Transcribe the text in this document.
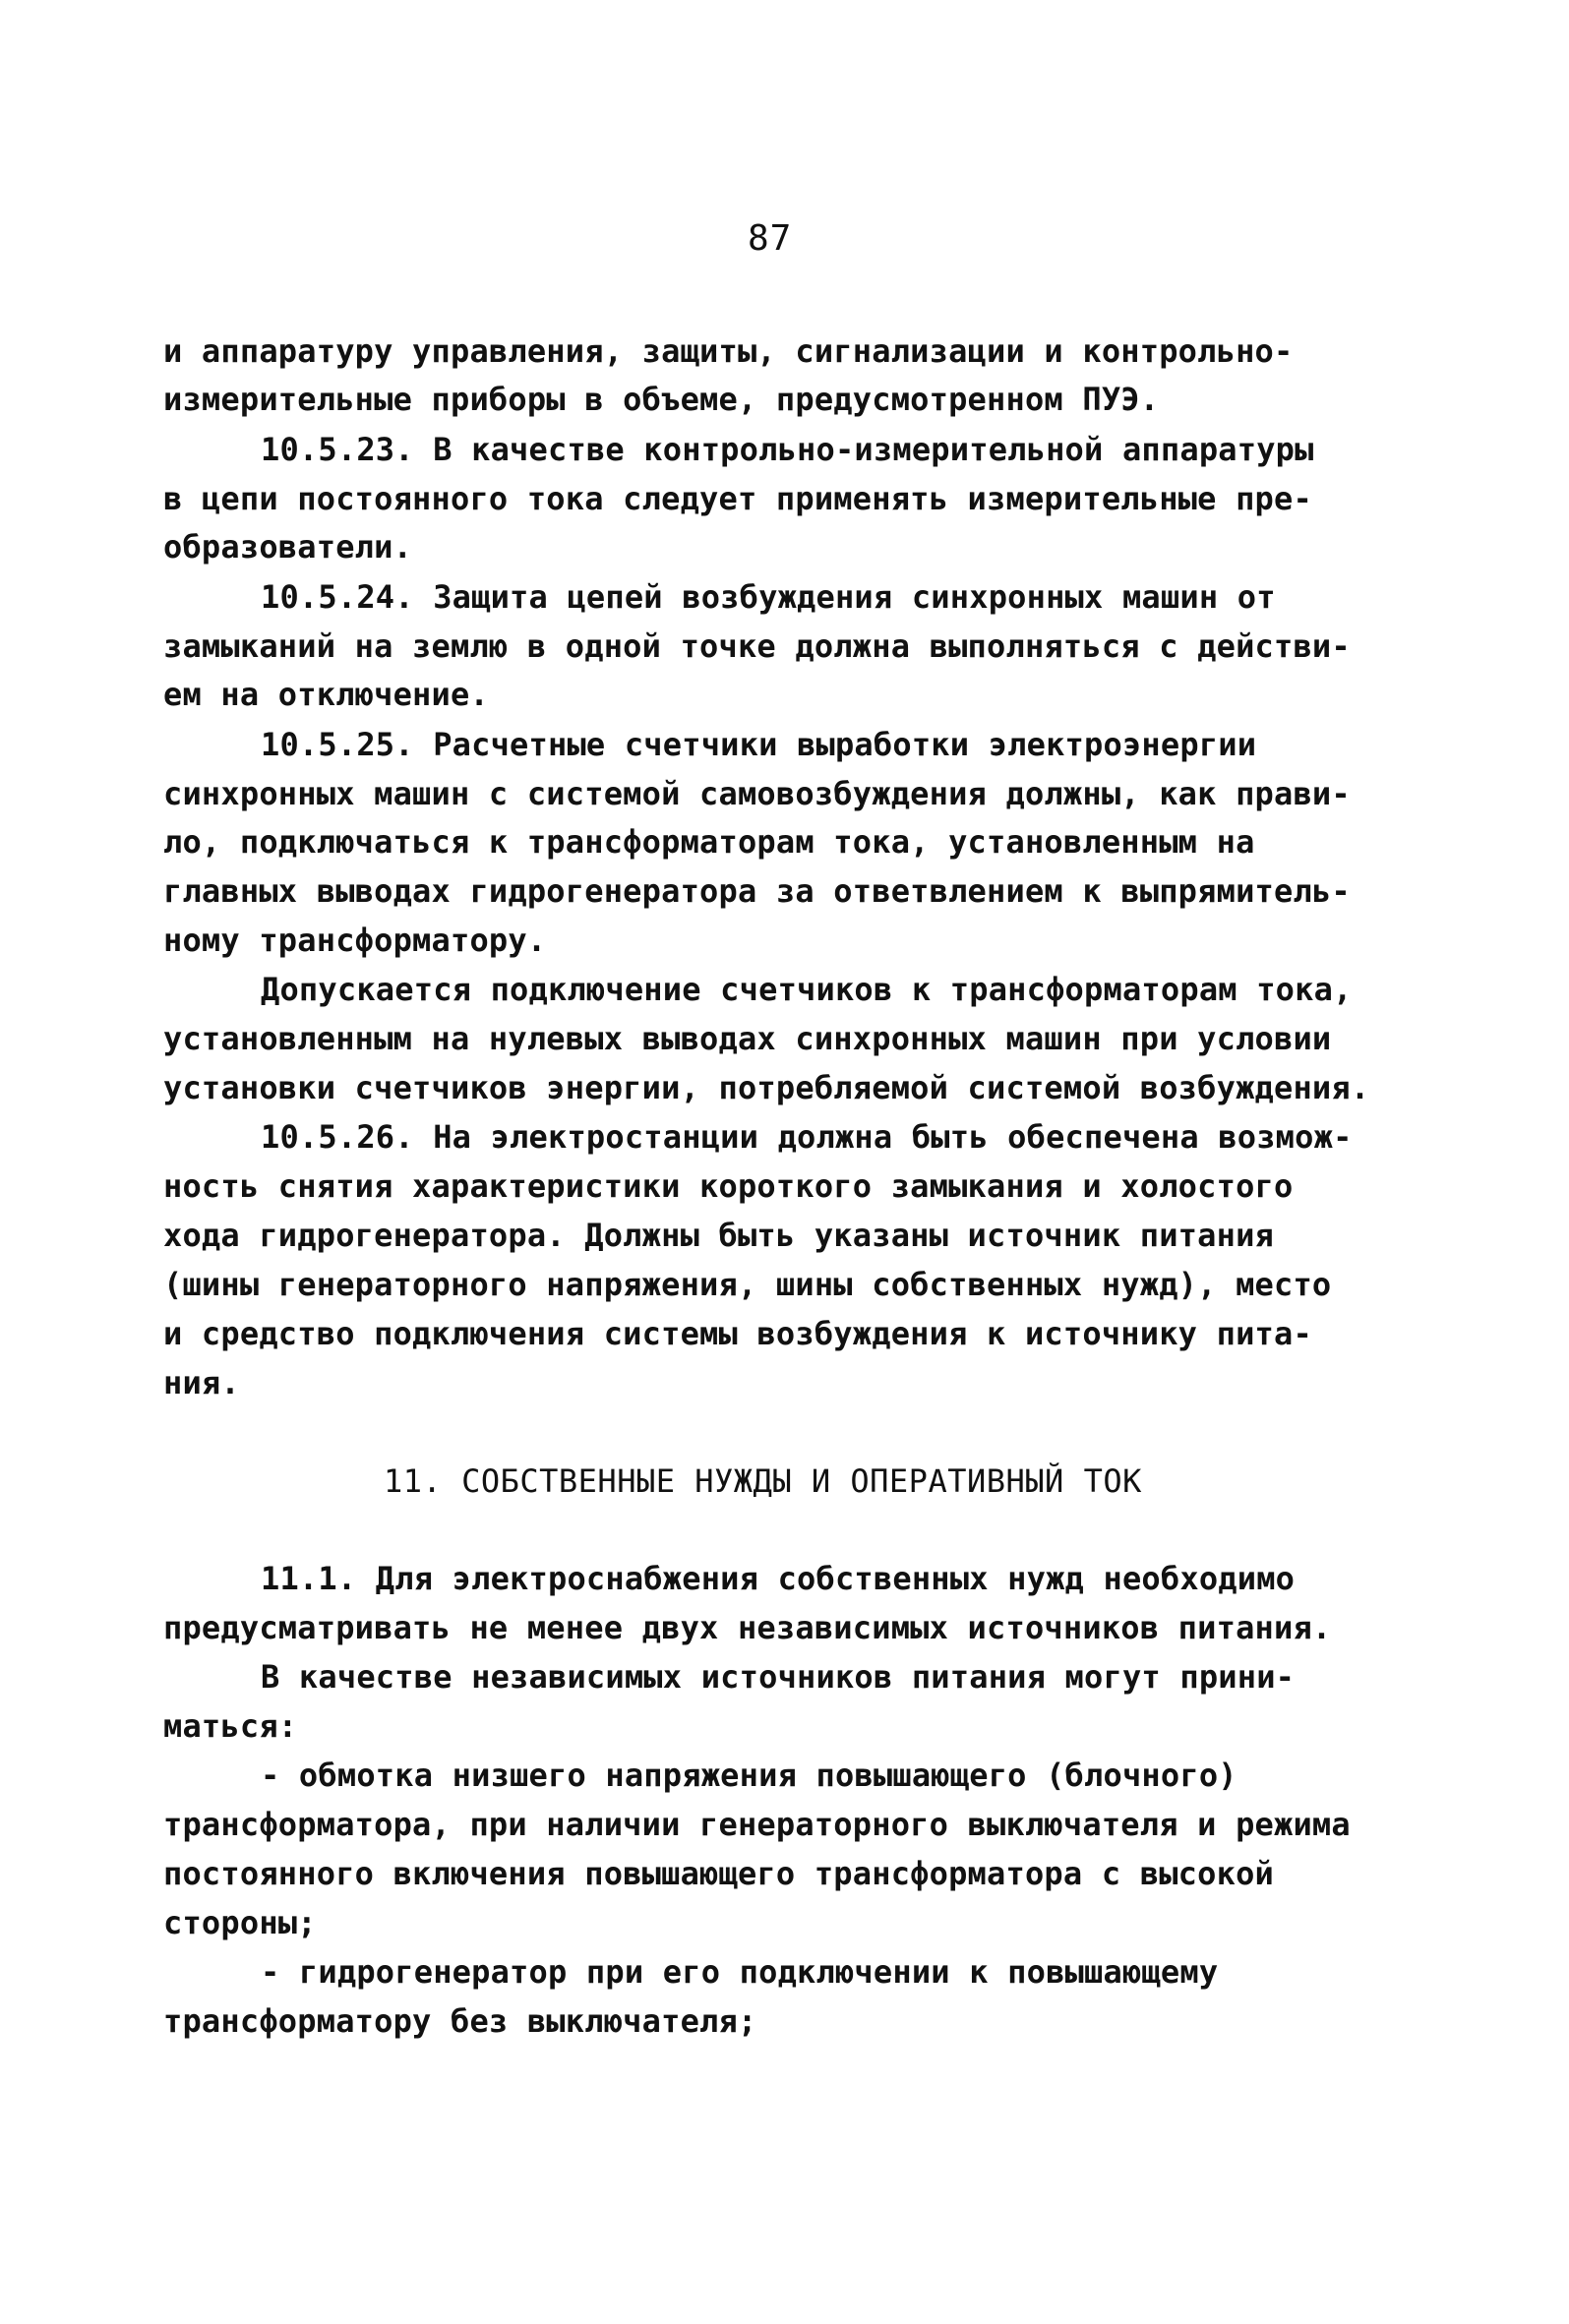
87
и аппаратуру управления, защиты, сигнализации и контрольно-
измерительные приборы в объеме, предусмотренном ПУЭ.
10.5.23. В качестве контрольно-измерительной аппаратуры
в цепи постоянного тока следует применять измерительные пре-
образователи.
10.5.24. Защита цепей возбуждения синхронных машин от
замыканий на землю в одной точке должна выполняться с действи-
ем на отключение.
10.5.25. Расчетные счетчики выработки электроэнергии
синхронных машин с системой самовозбуждения должны, как прави-
ло, подключаться к трансформаторам тока, установленным на
главных выводах гидрогенератора за ответвлением к выпрямитель-
ному трансформатору.
Допускается подключение счетчиков к трансформаторам тока,
установленным на нулевых выводах синхронных машин при условии
установки счетчиков энергии, потребляемой системой возбуждения.
10.5.26. На электростанции должна быть обеспечена возмож-
ность снятия характеристики короткого замыкания и холостого
хода гидрогенератора. Должны быть указаны источник питания
(шины генераторного напряжения, шины собственных нужд), место
и средство подключения системы возбуждения к источнику пита-
ния.
11. СОБСТВЕННЫЕ НУЖДЫ И ОПЕРАТИВНЫЙ ТОК
11.1. Для электроснабжения собственных нужд необходимо
предусматривать не менее двух независимых источников питания.
В качестве независимых источников питания могут прини-
маться:
- обмотка низшего напряжения повышающего (блочного)
трансформатора, при наличии генераторного выключателя и режима
постоянного включения повышающего трансформатора с высокой
стороны;
- гидрогенератор при его подключении к повышающему
трансформатору без выключателя;
